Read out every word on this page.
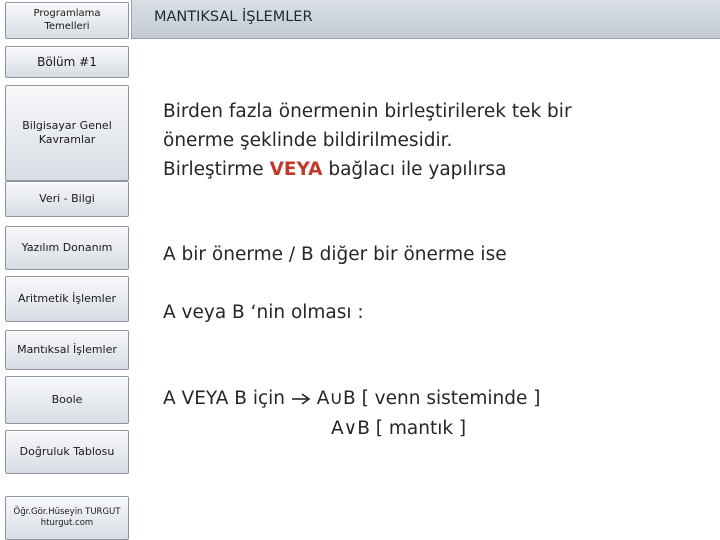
Programlama Temelleri
Bölüm #1
Bilgisayar Genel Kavramlar
Veri - Bilgi
Yazılım Donanım
Aritmetik İşlemler
Mantıksal İşlemler
Boole
Doğruluk Tablosu
Öğr.Gör.Hüseyin TURGUT
hturgut.com
MANTIKSAL İŞLEMLER
Birden fazla önermenin birleştirilerek tek bir
önerme şeklinde bildirilmesidir.
Birleştirme VEYA bağlacı ile yapılırsa
A bir önerme / B diğer bir önerme ise
A veya B ‘nin olması :
A VEYA B için  A∪B [ venn sisteminde ]
A∨B [ mantık ]
